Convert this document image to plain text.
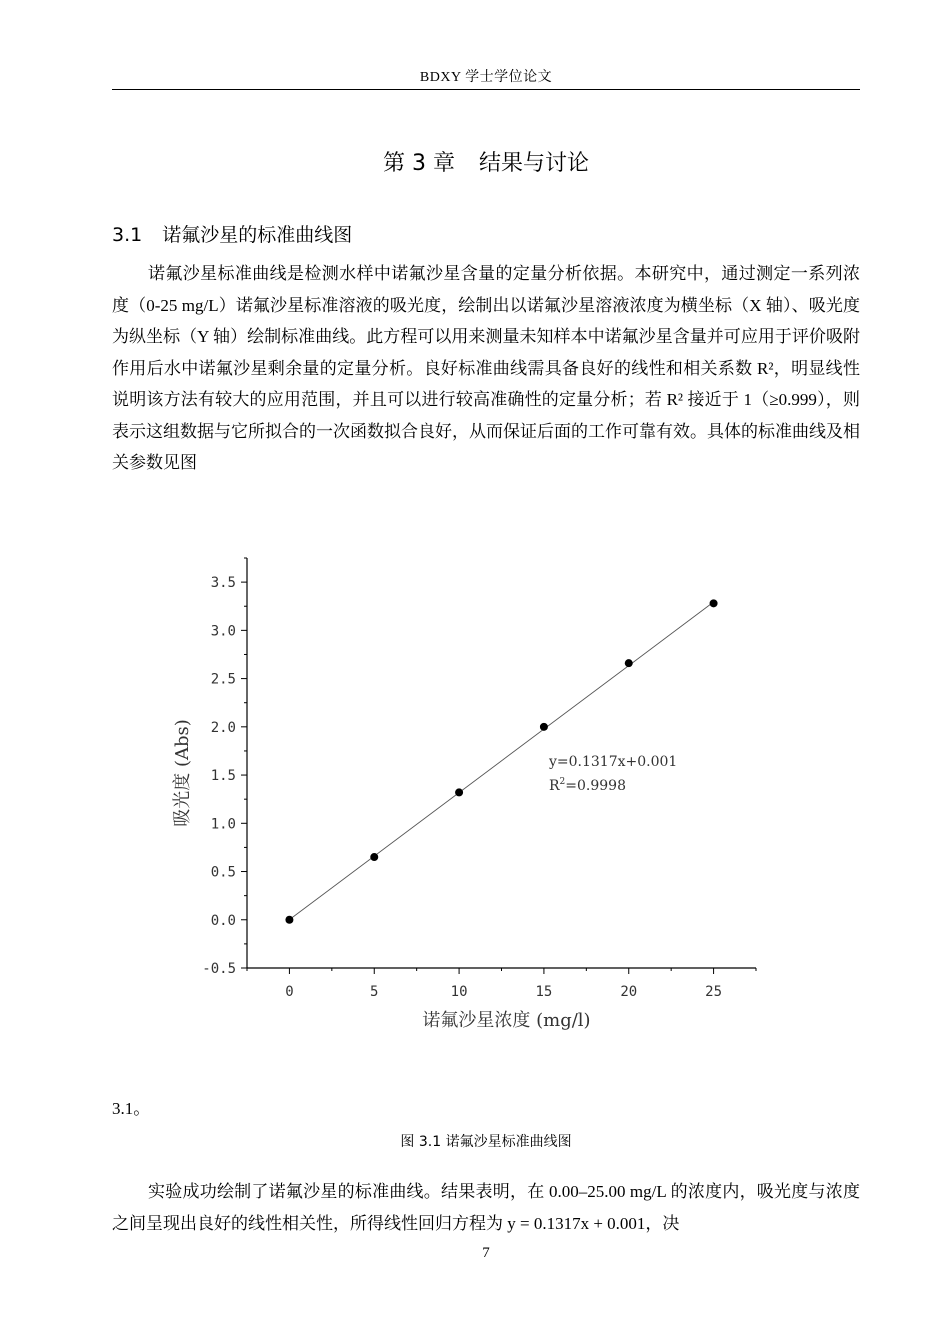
BDXY 学士学位论文
第 3 章 结果与讨论
3.1 诺氟沙星的标准曲线图

诺氟沙星标准曲线是检测水样中诺氟沙星含量的定量分析依据。本研究中，通过测定一系列浓度（0-25 mg/L）诺氟沙星标准溶液的吸光度，绘制出以诺氟沙星溶液浓度为横坐标（X 轴）、吸光度为纵坐标（Y 轴）绘制标准曲线。此方程可以用来测量未知样本中诺氟沙星含量并可应用于评价吸附作用后水中诺氟沙星剩余量的定量分析。良好标准曲线需具备良好的线性和相关系数 R²，明显线性说明该方法有较大的应用范围，并且可以进行较高准确性的定量分析；若 R² 接近于 1（≥0.999），则表示这组数据与它所拟合的一次函数拟合良好，从而保证后面的工作可靠有效。具体的标准曲线及相关参数见图

0	5	10	15	20	25
-0.5
0.0
0.5
1.0
1.5
2.0
2.5
3.0
3.5
诺氟沙星浓度 (mg/l)
吸光度 (Abs)	y=0.1317x+0.001
$R^2=0.9998$

3.1。

图 3.1 诺氟沙星标准曲线图

实验成功绘制了诺氟沙星的标准曲线。结果表明，在 0.00–25.00 mg/L 的浓度内，吸光度与浓度之间呈现出良好的线性相关性，所得线性回归方程为 y = 0.1317x + 0.001，决

7
